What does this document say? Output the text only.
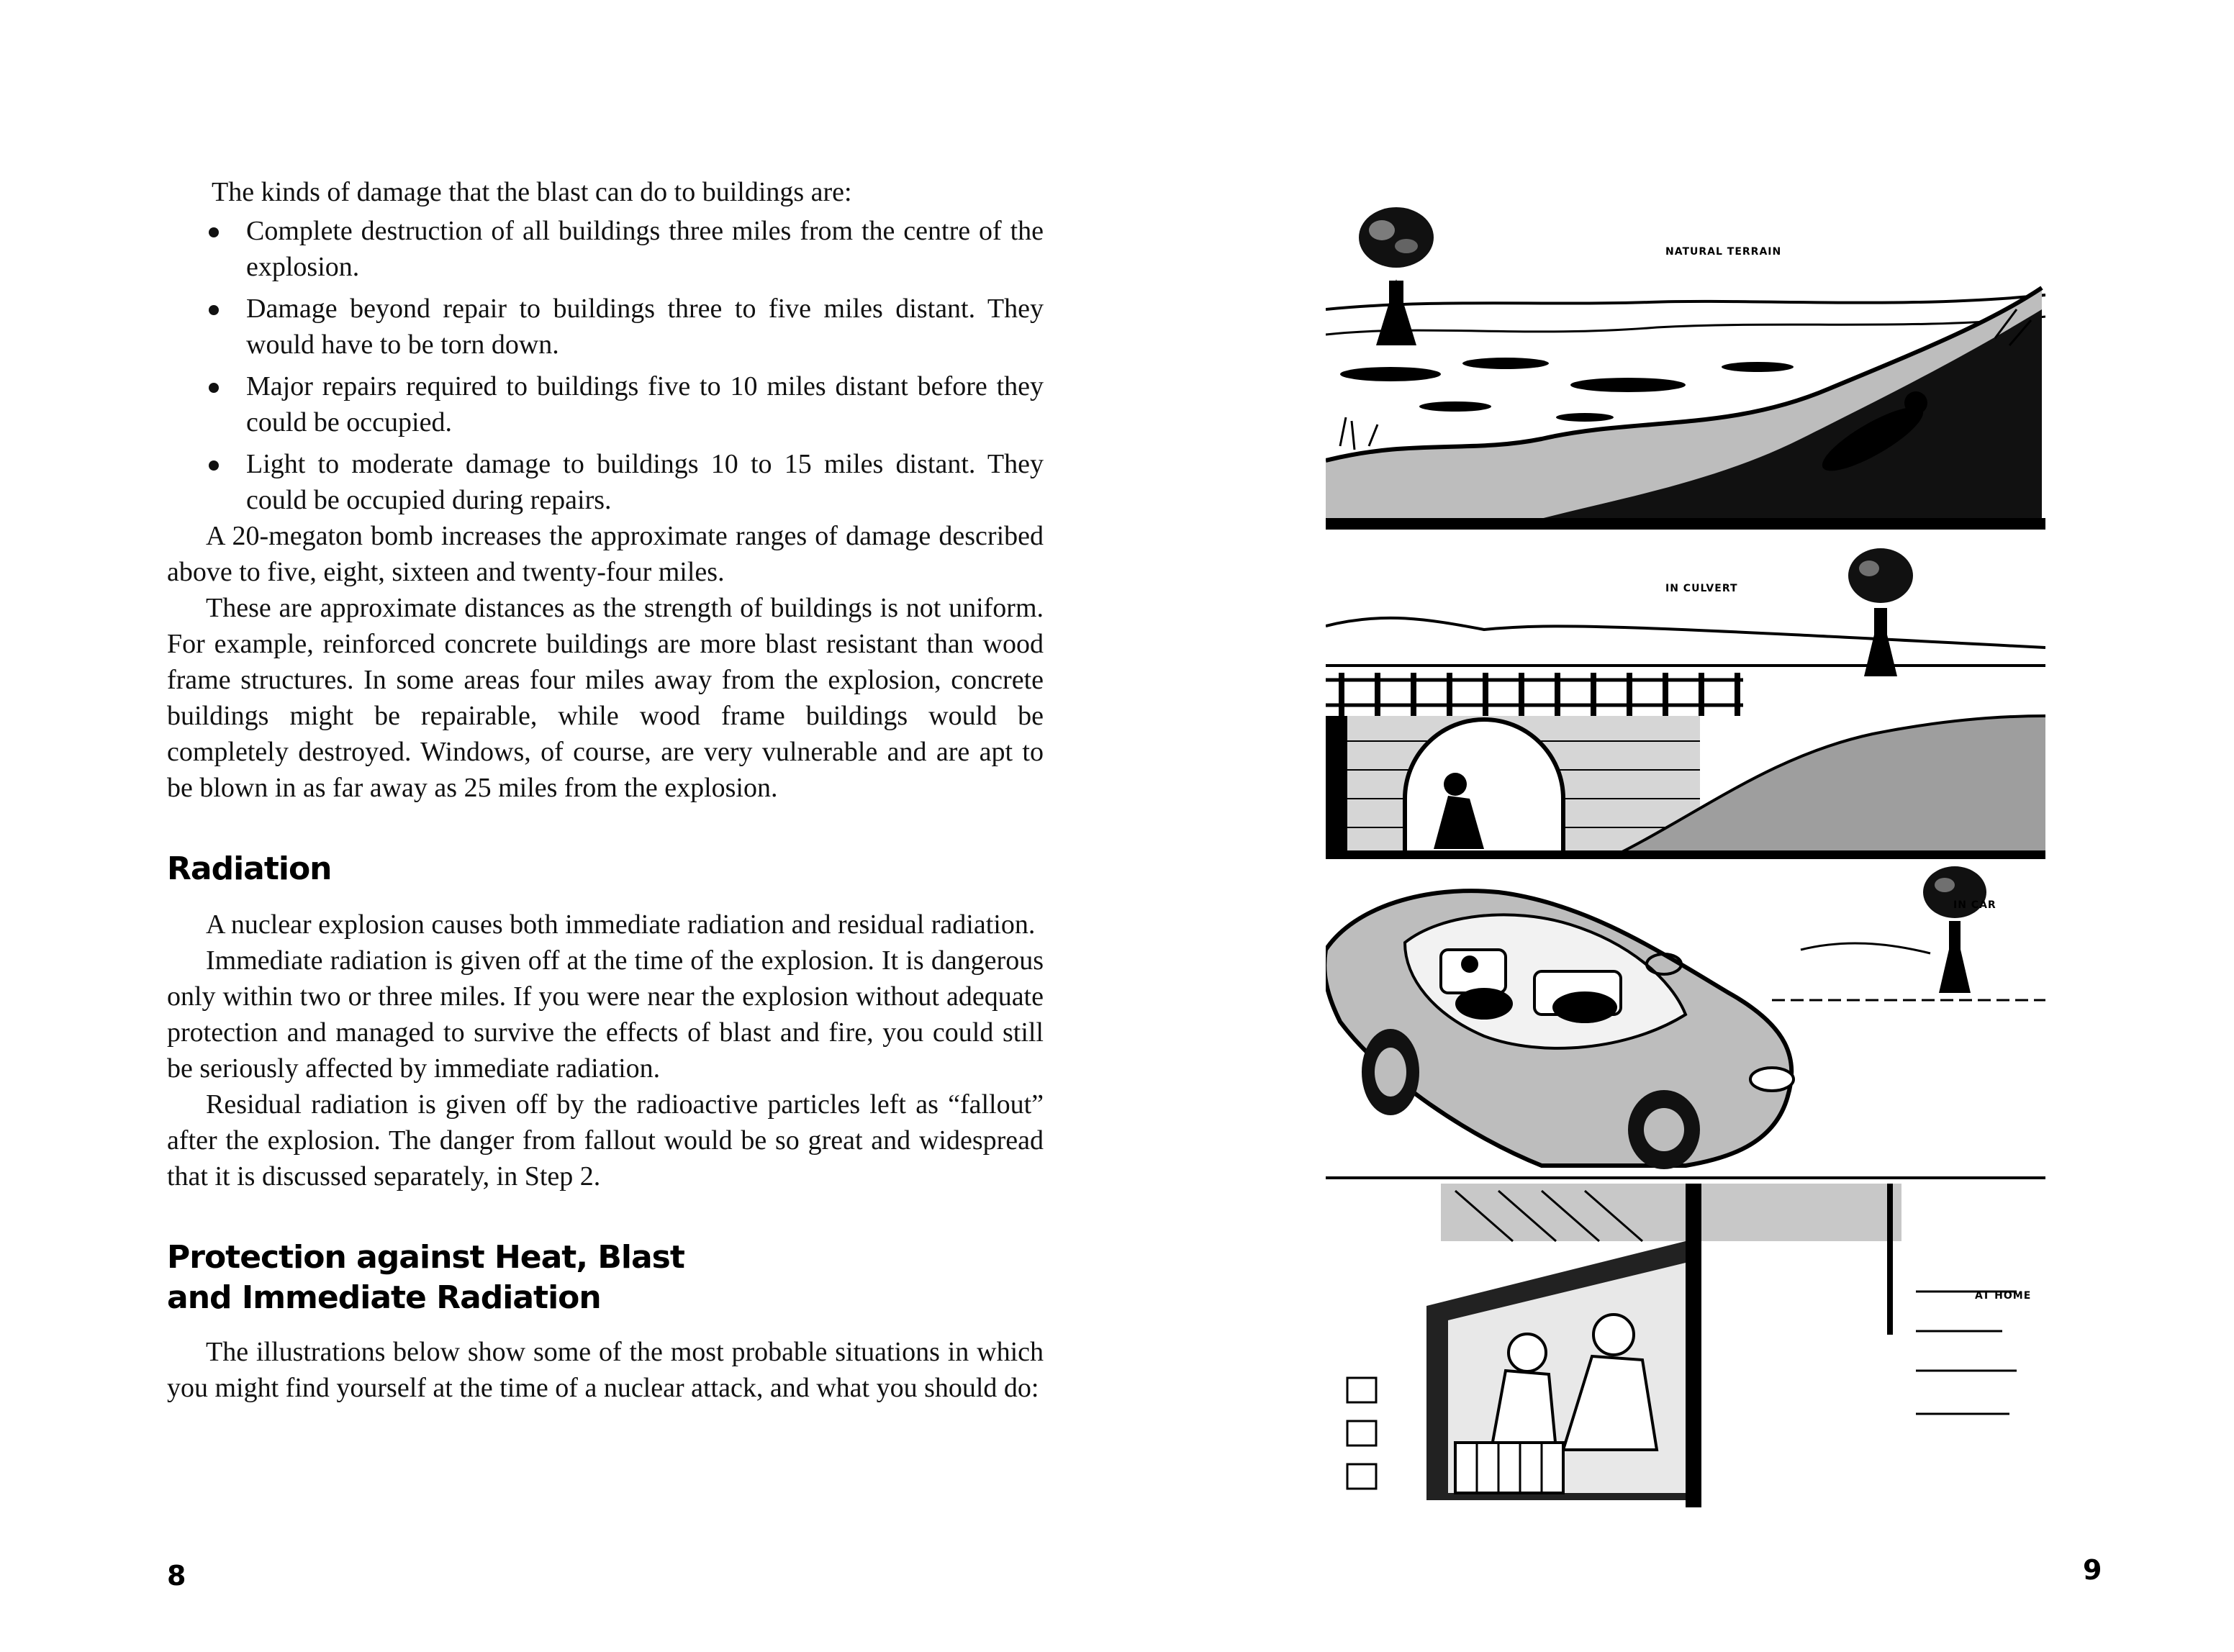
The kinds of damage that the blast can do to buildings are:

Complete destruction of all buildings three miles from the centre of the explosion.
Damage beyond repair to buildings three to five miles distant. They would have to be torn down.
Major repairs required to buildings five to 10 miles distant before they could be occupied.
Light to moderate damage to buildings 10 to 15 miles distant. They could be occupied during repairs.

A 20-megaton bomb increases the approximate ranges of damage described above to five, eight, sixteen and twenty-four miles.

These are approximate distances as the strength of buildings is not uniform. For example, reinforced concrete buildings are more blast resistant than wood frame structures. In some areas four miles away from the explosion, concrete buildings might be repairable, while wood frame buildings would be completely destroyed. Windows, of course, are very vulnerable and are apt to be blown in as far away as 25 miles from the explosion.

Radiation

A nuclear explosion causes both immediate radiation and residual radiation.

Immediate radiation is given off at the time of the explosion. It is dangerous only within two or three miles. If you were near the explosion without adequate protection and managed to survive the effects of blast and fire, you could still be seriously affected by immediate radiation.

Residual radiation is given off by the radioactive particles left as “fallout” after the explosion. The danger from fallout would be so great and widespread that it is discussed separately, in Step 2.

Protection against Heat, Blast
and Immediate Radiation

The illustrations below show some of the most probable situations in which you might find yourself at the time of a nuclear attack, and what you should do:

8
NATURAL TERRAIN
IN CULVERT
IN CAR
AT HOME
9
